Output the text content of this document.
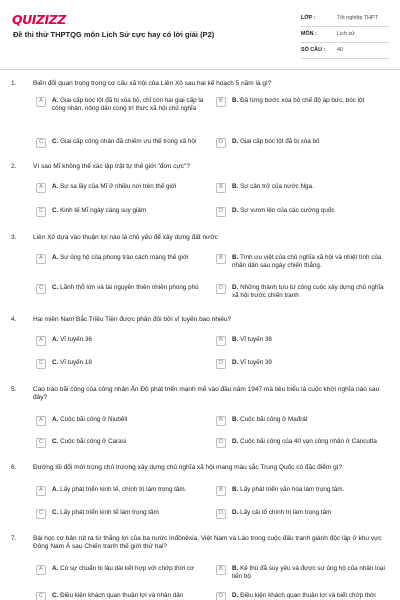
QUIZIZZ
Đề thi thử THPTQG môn Lịch Sử cực hay có lời giải (P2)
LỚP :	Tốt nghiệp THPT
MÔN :	Lịch sử
SỐ CÂU :	40
1.	Biến đổi quan trọng trong cơ cấu xã hội của Liên Xô sau hai kế hoạch 5 năm là gì?
A	A. Giai cấp bóc lột đã bị xóa bỏ, chỉ còn hai giai cấp là công nhân, nông dân cùng trí thức xã hội chủ nghĩa
B	B. Đã từng bước xóa bỏ chế độ áp bức, bóc lột
C	C. Giai cấp công nhân đã chiếm ưu thế trong xã hội	D	D. Giai cấp bóc lột đã bị xóa bỏ
2.	Vì sao Mĩ không thể xác lập trật tự thế giới "đơn cực"?
A	A. Sự sa lầy của Mĩ ở nhiều nơi trên thế giới	B	B. Sự cản trở của nước Nga.
C	C. Kinh tế Mĩ ngày càng suy giảm	D	D. Sự vươn lên của các cường quốc
3.	Liên Xô dựa vào thuận lợi nào là chủ yếu để xây dựng đất nước
A	A. Sự ủng hộ của phong trào cách mạng thế giới	B	B. Tính ưu việt của chủ nghĩa xã hội và nhiệt tình của nhân dân sau ngày chiến thắng.
C	C. Lãnh thổ lớn và tài nguyên thiên nhiên phong phú	D	D. Những thành tựu từ công cuộc xây dựng chủ nghĩa xã hội trước chiến tranh
4.	Hai miền Nam Bắc Triều Tiên được phân đôi bởi vĩ tuyến bao nhiêu?
A	A. Vĩ tuyến 36	B	B. Vĩ tuyến 38
C	C. Vĩ tuyến 18	D	D. Vĩ tuyến 39
5.	Cao trào bãi công của công nhân Ấn Độ phát triển mạnh mẽ vào đầu năm 1947 mà tiêu biểu là cuộc khởi nghĩa nào sau đây?
A	A. Cuộc bãi công ở Niubêli	B	B. Cuộc bãi công ở Mađrát
C	C. Cuộc bãi công ở Carasi	D	D. Cuộc bãi công của 40 vạn công nhân ở Cancutta
6.	Đường lối đổi mới trong chủ trương xây dựng chủ nghĩa xã hội mang màu sắc Trung Quốc có đặc điểm gì?
A	A. Lấy phát triển kinh tế, chính trị làm trọng tâm.	B	B. Lấy phát triển văn hóa làm trọng tâm.
C	C. Lấy phát triển kinh tế làm trọng tâm	D	D. Lấy cải tổ chính trị làm trọng tâm
7.	Bài học cơ bản rút ra từ thắng lợi của ba nước Inđônêxia, Việt Nam và Lào trong cuộc đấu tranh giành độc lập ở khu vực Đông Nam Á sau Chiến tranh thế giới thứ hai?
A	A. Có sự chuẩn bị lâu dài kết hợp với chớp thời cơ	B	B. Kẻ thù đã suy yếu và được sự ủng hộ của nhân loại tiến bộ
C	C. Điều kiện khách quan thuận lợi và nhân dân	D	D. Điều kiện khách quan thuận lợi và biết chớp thời
